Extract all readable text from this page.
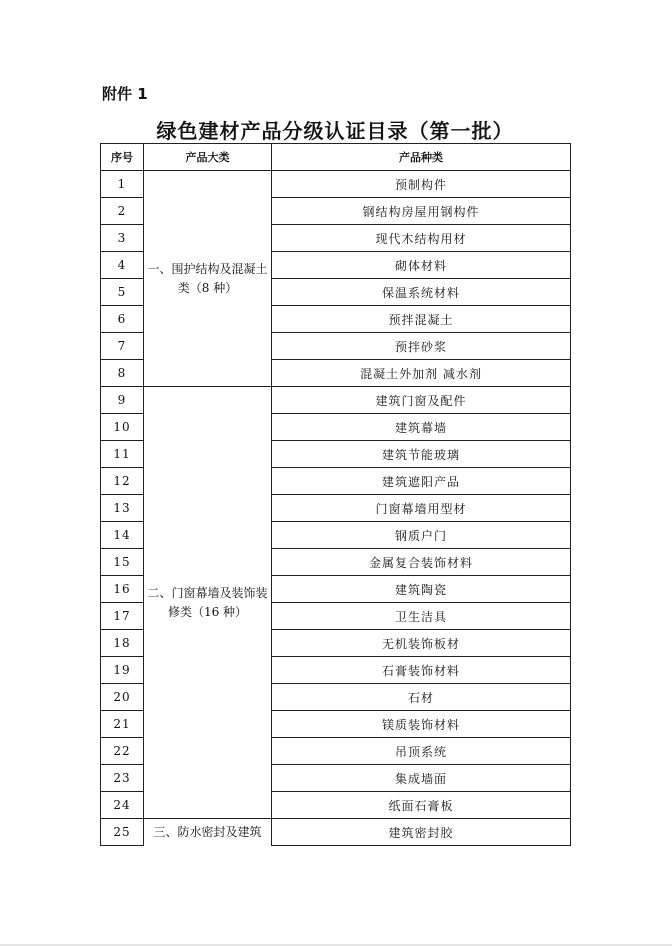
附件 1
绿色建材产品分级认证目录（第一批）
序号	产品大类	产品种类
1	一、围护结构及混凝土类（8 种）	预制构件
2		钢结构房屋用钢构件
3		现代木结构用材
4		砌体材料
5		保温系统材料
6		预拌混凝土
7		预拌砂浆
8		混凝土外加剂 减水剂
9	二、门窗幕墙及装饰装修类（16 种）	建筑门窗及配件
10		建筑幕墙
11		建筑节能玻璃
12		建筑遮阳产品
13		门窗幕墙用型材
14		钢质户门
15		金属复合装饰材料
16		建筑陶瓷
17		卫生洁具
18		无机装饰板材
19		石膏装饰材料
20		石材
21		镁质装饰材料
22		吊顶系统
23		集成墙面
24		纸面石膏板
25	三、防水密封及建筑	建筑密封胶
